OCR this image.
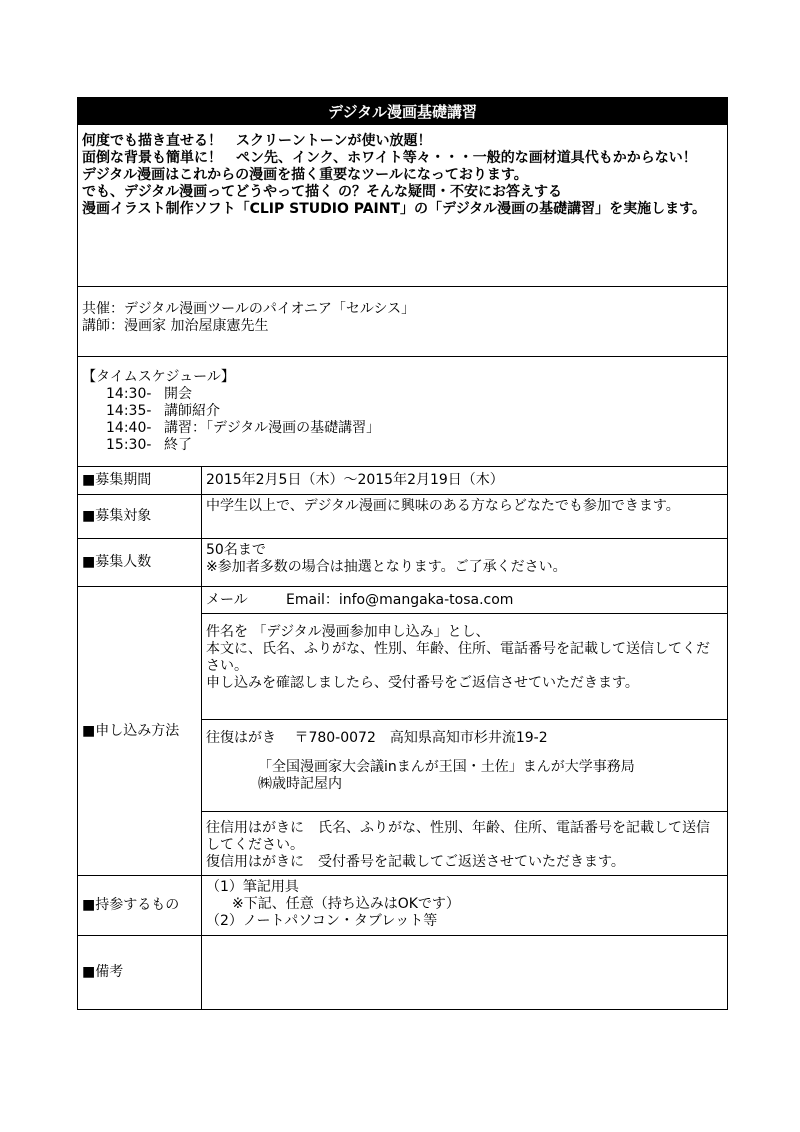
デジタル漫画基礎講習
何度でも描き直せる！　スクリーントーンが使い放題！
面倒な背景も簡単に！　ペン先、インク、ホワイト等々・・・一般的な画材道具代もかからない！
デジタル漫画はこれからの漫画を描く重要なツールになっております。
でも、デジタル漫画ってどうやって描く の？そんな疑問・不安にお答えする
漫画イラスト制作ソフト「CLIP STUDIO PAINT」の「デジタル漫画の基礎講習」を実施します。
共催：デジタル漫画ツールのパイオニア「セルシス」
講師：漫画家 加治屋康憲先生
【タイムスケジュール】
14:30- 開会
14:35- 講師紹介
14:40- 講習：「デジタル漫画の基礎講習」
15:30- 終了
■募集期間	2015年2月5日（木）～2015年2月19日（木）
■募集対象
中学生以上で、デジタル漫画に興味のある方ならどなたでも参加できます。
■募集人数
50名まで
※参加者多数の場合は抽選となります。ご了承ください。
■申し込み方法
メール	Email：info@mangaka-tosa.com
件名を 「デジタル漫画参加申し込み」とし、
本文に、氏名、ふりがな、性別、年齢、住所、電話番号を記載して送信してください。
申し込みを確認しましたら、受付番号をご返信させていただきます。
往復はがき　 〒780-0072　高知県高知市杉井流19-2
「全国漫画家大会議inまんが王国・土佐」まんが大学事務局
㈱歳時記屋内
往信用はがきに　氏名、ふりがな、性別、年齢、住所、電話番号を記載して送信してください。
復信用はがきに　受付番号を記載してご返送させていただきます。
■持参するもの
（1）筆記用具
※下記、任意（持ち込みはOKです）
（2）ノートパソコン・タブレット等
■備考
